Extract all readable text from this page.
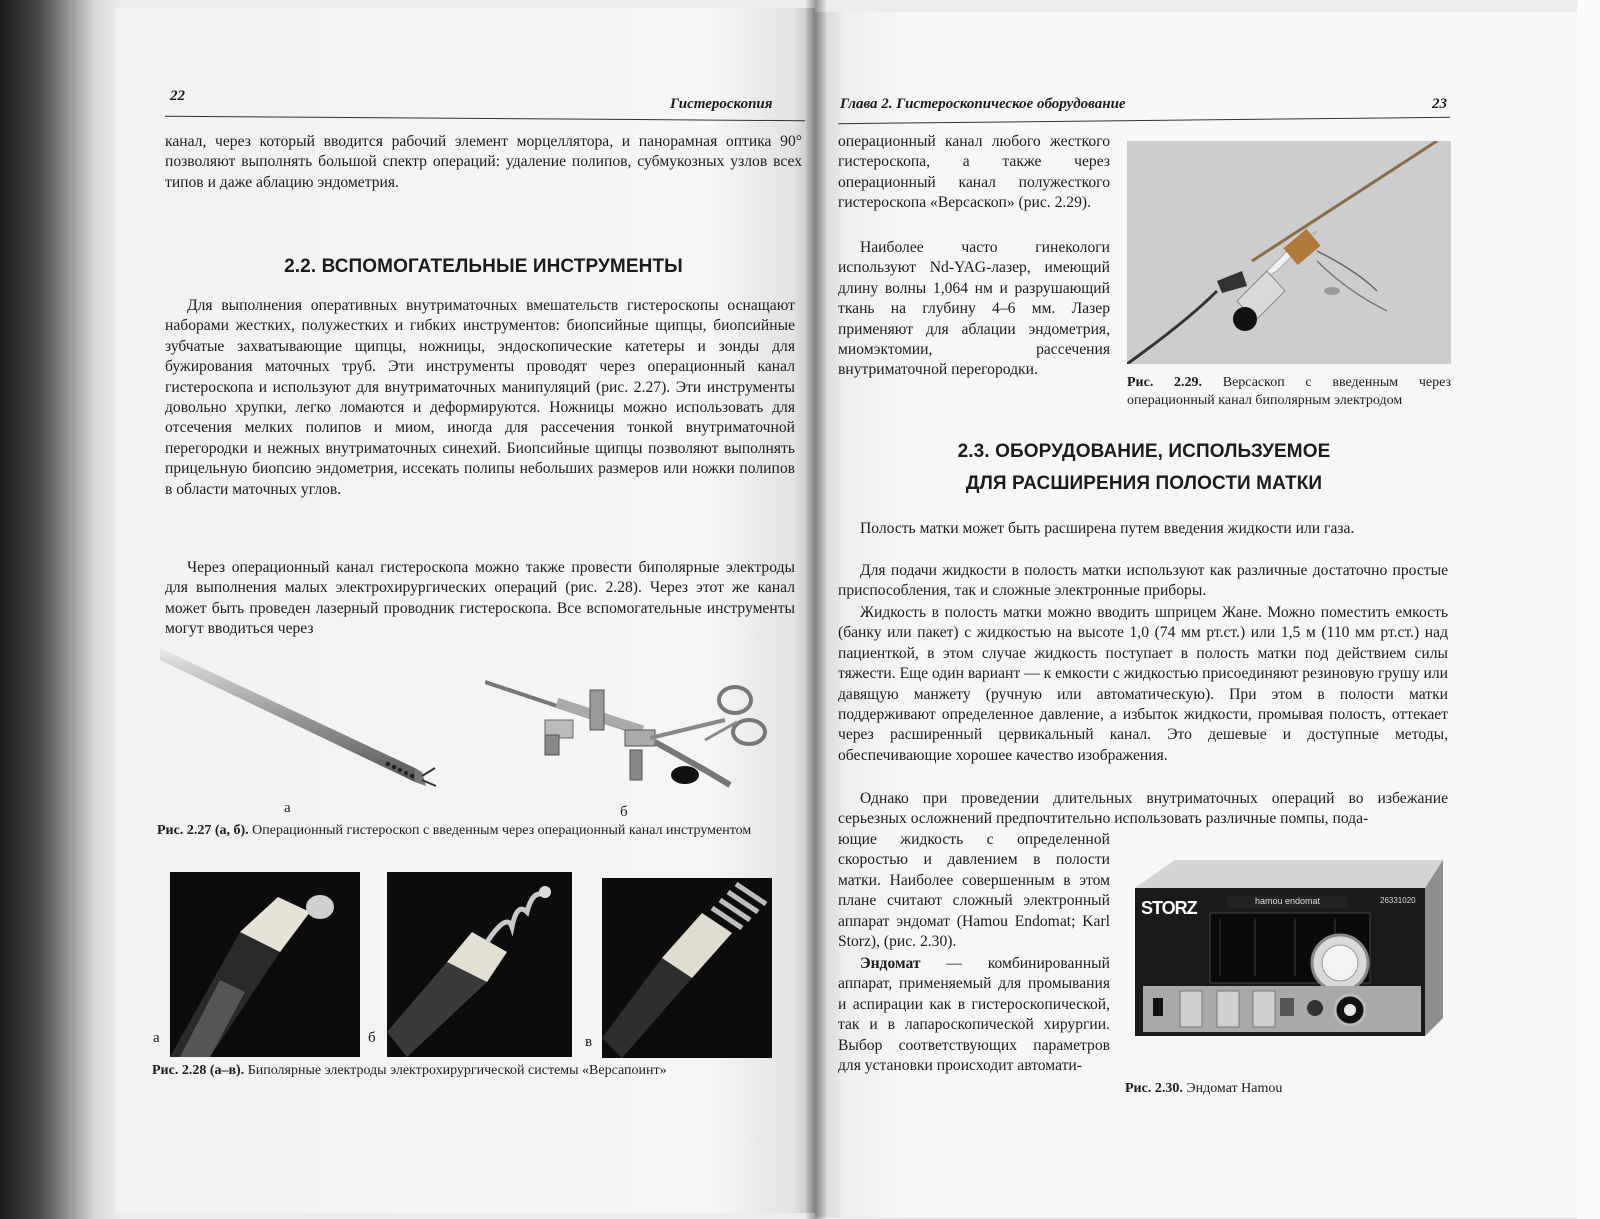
22	Гистероскопия

канал, через который вводится рабочий элемент морцеллятора, и панорамная оптика 90° позволяют выполнять большой спектр операций: удаление полипов, субмукозных узлов всех типов и даже аблацию эндометрия.

2.2. ВСПОМОГАТЕЛЬНЫЕ ИНСТРУМЕНТЫ

Для выполнения оперативных внутриматочных вмешательств гистероскопы оснащают наборами жестких, полужестких и гибких инструментов: биопсийные щипцы, биопсийные зубчатые захватывающие щипцы, ножницы, эндоскопические катетеры и зонды для бужирования маточных труб. Эти инструменты проводят через операционный канал гистероскопа и используют для внутриматочных манипуляций (рис. 2.27). Эти инструменты довольно хрупки, легко ломаются и деформируются. Ножницы можно использовать для отсечения мелких полипов и миом, иногда для рассечения тонкой внутриматочной перегородки и нежных внутриматочных синехий. Биопсийные щипцы позволяют выполнять прицельную биопсию эндометрия, иссекать полипы небольших размеров или ножки полипов в области маточных углов.

Через операционный канал гистероскопа можно также провести биполярные электроды для выполнения малых электрохирургических операций (рис. 2.28). Через этот же канал может быть проведен лазерный проводник гистероскопа. Все вспомогательные инструменты могут вводиться через

а	б

Рис. 2.27 (а, б). Операционный гистероскоп с введенным через операционный канал инструментом

а	б	в

Рис. 2.28 (а–в). Биполярные электроды электрохирургической системы «Версапоинт»

Глава 2. Гистероскопическое оборудование	23

операционный канал любого жесткого гистероскопа, а также через операционный канал полужесткого гистероскопа «Версаскоп» (рис. 2.29).

Наиболее часто гинекологи используют Nd-YAG-лазер, имеющий длину волны 1,064 нм и разрушающий ткань на глубину 4–6 мм. Лазер применяют для аблации эндометрия, миомэктомии, рассечения внутриматочной перегородки.

Рис. 2.29. Версаскоп с введенным через операционный канал биполярным электродом

2.3. ОБОРУДОВАНИЕ, ИСПОЛЬЗУЕМОЕ
ДЛЯ РАСШИРЕНИЯ ПОЛОСТИ МАТКИ

Полость матки может быть расширена путем введения жидкости или газа.

Для подачи жидкости в полость матки используют как различные достаточно простые приспособления, так и сложные электронные приборы.

Жидкость в полость матки можно вводить шприцем Жане. Можно поместить емкость (банку или пакет) с жидкостью на высоте 1,0 (74 мм рт.ст.) или 1,5 м (110 мм рт.ст.) над пациенткой, в этом случае жидкость поступает в полость матки под действием силы тяжести. Еще один вариант — к емкости с жидкостью присоединяют резиновую грушу или давящую манжету (ручную или автоматическую). При этом в полости матки поддерживают определенное давление, а избыток жидкости, промывая полость, оттекает через расширенный цервикальный канал. Это дешевые и доступные методы, обеспечивающие хорошее качество изображения.

Однако при проведении длительных внутриматочных операций во избежание серьезных осложнений предпочтительно использовать различные помпы, пода-

ющие жидкость с определенной скоростью и давлением в полости матки. Наиболее совершенным в этом плане считают сложный электронный аппарат эндомат (Hamou Endomat; Karl Storz), (рис. 2.30).

Эндомат — комбинированный аппарат, применяемый для промывания и аспирации как в гистероскопической, так и в лапароскопической хирургии. Выбор соответствующих параметров для установки происходит автомати-

STORZ	hamou endomat	26331020

Рис. 2.30. Эндомат Hamou
